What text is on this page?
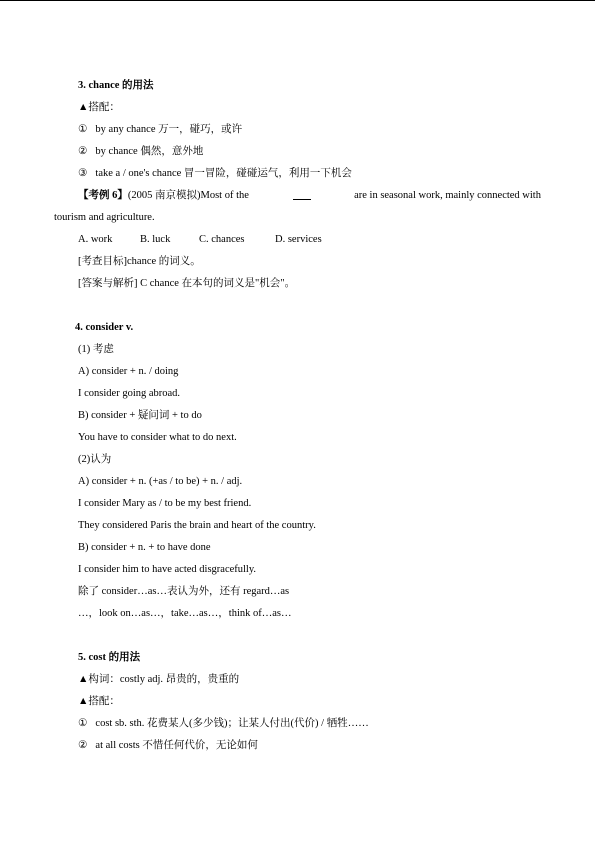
3. chance 的用法
▲搭配：
① by any chance 万一，碰巧，或许
② by chance 偶然，意外地
③ take a / one's chance 冒一冒险，碰碰运气，利用一下机会
【考例 6】(2005 南京模拟)Most of the	are in seasonal work, mainly connected with
tourism and agriculture.
A. work	B. luck	C. chances	D. services
[考查目标]chance 的词义。
[答案与解析] C chance 在本句的词义是"机会"。
4. consider v.
(1) 考虑
A) consider + n. / doing
I consider going abroad.
B) consider + 疑问词 + to do
You have to consider what to do next.
(2)认为
A) consider + n. (+as / to be) + n. / adj.
I consider Mary as / to be my best friend.
They considered Paris the brain and heart of the country.
B) consider + n. + to have done
I consider him to have acted disgracefully.
除了 consider…as…表认为外，还有 regard…as
…，look on…as…，take…as…，think of…as…
5. cost 的用法
▲构词：costly adj. 昂贵的，贵重的
▲搭配：
① cost sb. sth. 花费某人(多少钱)；让某人付出(代价) / 牺牲……
② at all costs 不惜任何代价，无论如何
